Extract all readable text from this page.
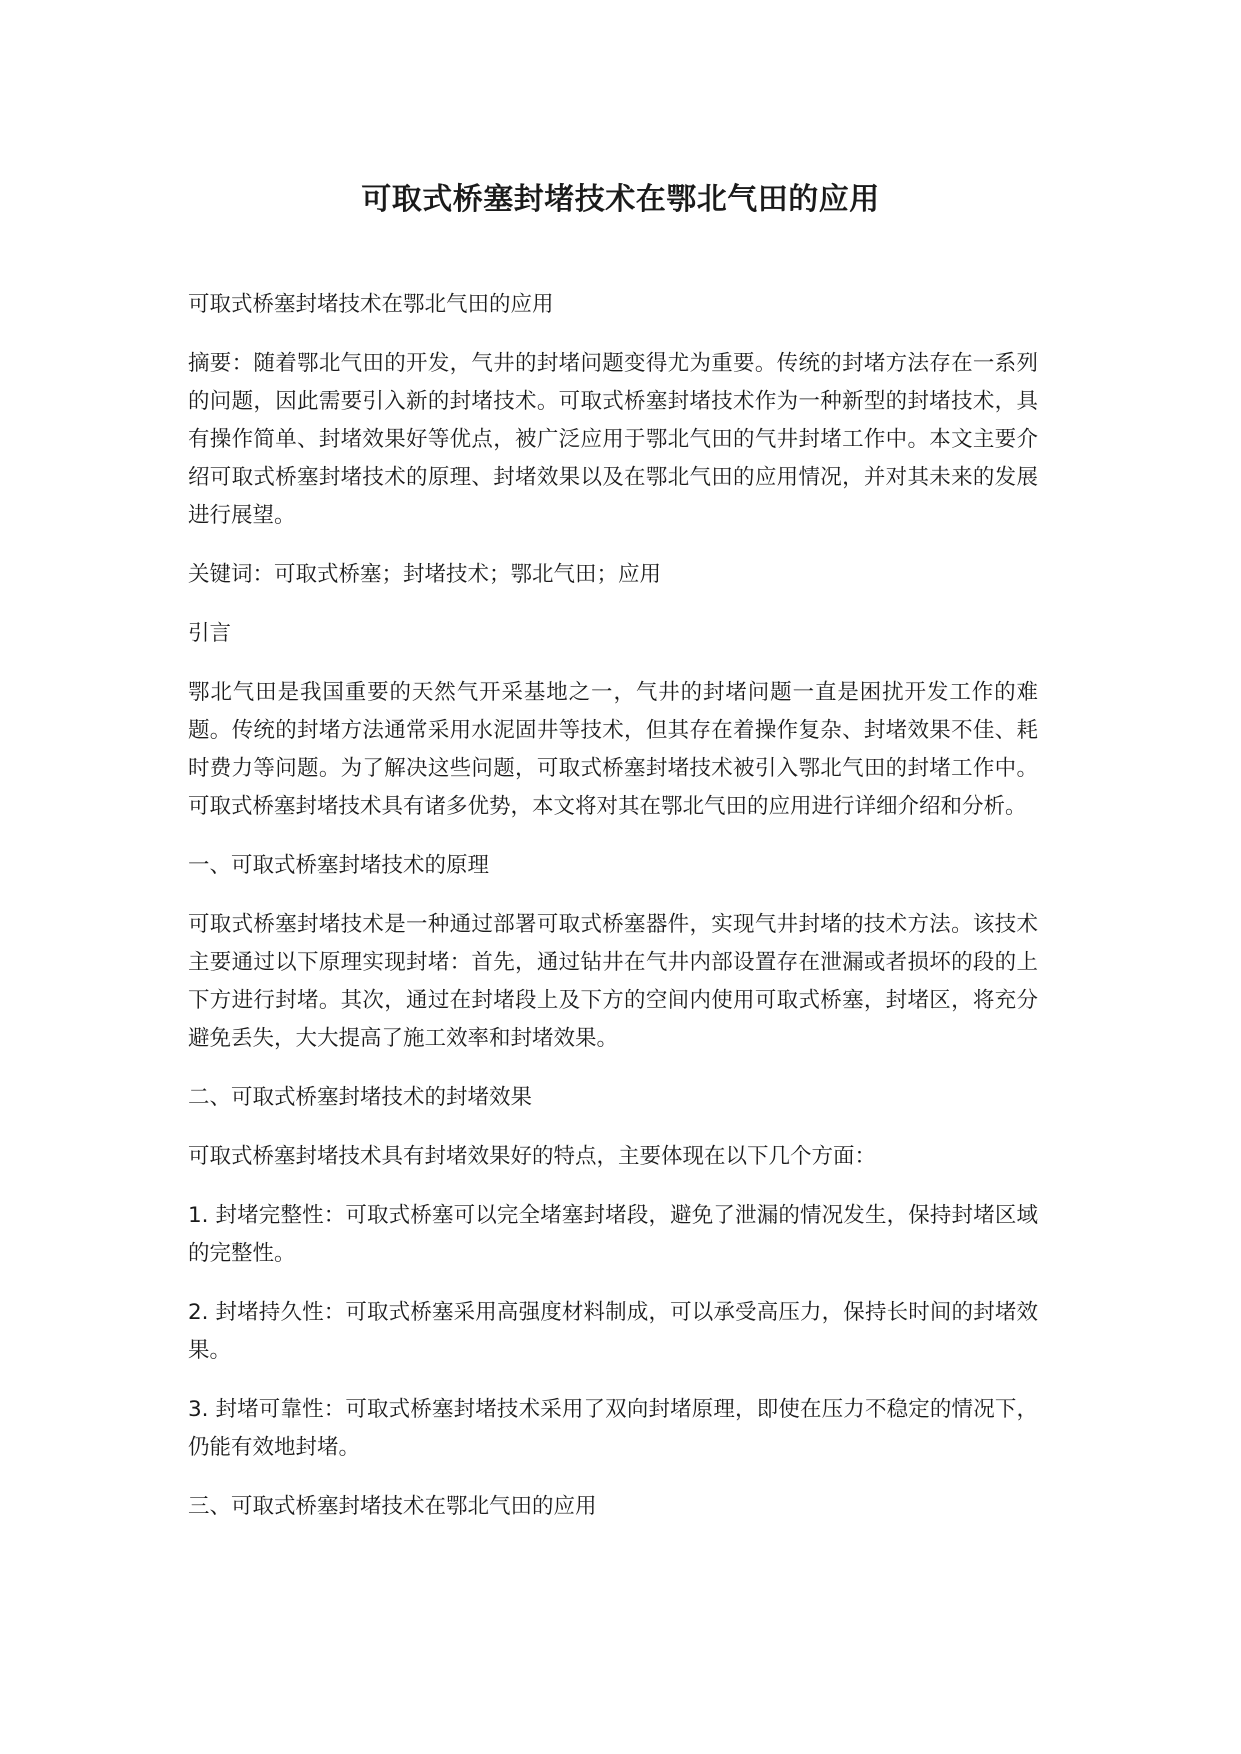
可取式桥塞封堵技术在鄂北气田的应用

可取式桥塞封堵技术在鄂北气田的应用

摘要：随着鄂北气田的开发，气井的封堵问题变得尤为重要。传统的封堵方法存在一系列的问题，因此需要引入新的封堵技术。可取式桥塞封堵技术作为一种新型的封堵技术，具有操作简单、封堵效果好等优点，被广泛应用于鄂北气田的气井封堵工作中。本文主要介绍可取式桥塞封堵技术的原理、封堵效果以及在鄂北气田的应用情况，并对其未来的发展进行展望。

关键词：可取式桥塞；封堵技术；鄂北气田；应用

引言

鄂北气田是我国重要的天然气开采基地之一，气井的封堵问题一直是困扰开发工作的难题。传统的封堵方法通常采用水泥固井等技术，但其存在着操作复杂、封堵效果不佳、耗时费力等问题。为了解决这些问题，可取式桥塞封堵技术被引入鄂北气田的封堵工作中。可取式桥塞封堵技术具有诸多优势，本文将对其在鄂北气田的应用进行详细介绍和分析。

一、可取式桥塞封堵技术的原理

可取式桥塞封堵技术是一种通过部署可取式桥塞器件，实现气井封堵的技术方法。该技术主要通过以下原理实现封堵：首先，通过钻井在气井内部设置存在泄漏或者损坏的段的上下方进行封堵。其次，通过在封堵段上及下方的空间内使用可取式桥塞，封堵区，将充分避免丢失，大大提高了施工效率和封堵效果。

二、可取式桥塞封堵技术的封堵效果

可取式桥塞封堵技术具有封堵效果好的特点，主要体现在以下几个方面：

1. 封堵完整性：可取式桥塞可以完全堵塞封堵段，避免了泄漏的情况发生，保持封堵区域的完整性。

2. 封堵持久性：可取式桥塞采用高强度材料制成，可以承受高压力，保持长时间的封堵效果。

3. 封堵可靠性：可取式桥塞封堵技术采用了双向封堵原理，即使在压力不稳定的情况下，仍能有效地封堵。

三、可取式桥塞封堵技术在鄂北气田的应用
